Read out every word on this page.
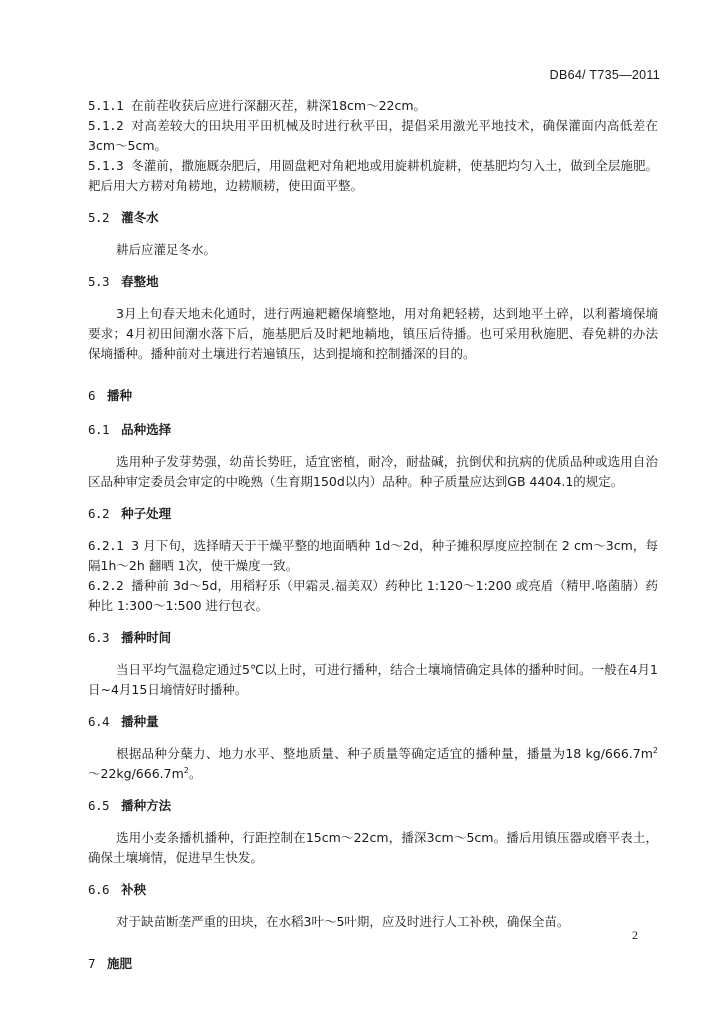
DB64/ T735—2011

5.1.1 在前茬收获后应进行深翻灭茬，耕深18cm～22cm。

5.1.2 对高差较大的田块用平田机械及时进行秋平田，提倡采用激光平地技术，确保灌面内高低差在3cm～5cm。

5.1.3 冬灌前，撒施厩杂肥后，用圆盘耙对角耙地或用旋耕机旋耕，使基肥均匀入土，做到全层施肥。耙后用大方耢对角耢地，边耢顺耢，使田面平整。

5.2 灌冬水

耕后应灌足冬水。

5.3 春整地

3月上旬春天地未化通时，进行两遍耙耱保墒整地，用对角耙轻耢，达到地平土碎，以利蓄墒保墒要求；4月初田间潮水落下后，施基肥后及时耙地耥地，镇压后待播。也可采用秋施肥、春免耕的办法保墒播种。播种前对土壤进行若遍镇压，达到提墒和控制播深的目的。

6 播种

6.1 品种选择

选用种子发芽势强，幼苗长势旺，适宜密植，耐冷，耐盐碱，抗倒伏和抗病的优质品种或选用自治区品种审定委员会审定的中晚熟（生育期150d以内）品种。种子质量应达到GB 4404.1的规定。

6.2 种子处理

6.2.1 3 月下旬，选择晴天于干燥平整的地面晒种 1d～2d，种子摊积厚度应控制在 2 cm～3cm，每隔1h～2h 翻晒 1次，使干燥度一致。

6.2.2 播种前 3d～5d，用稻籽乐（甲霜灵.福美双）药种比 1:120～1:200 或亮盾（精甲.咯菌腈）药种比 1:300～1:500 进行包衣。

6.3 播种时间

当日平均气温稳定通过5℃以上时，可进行播种，结合土壤墒情确定具体的播种时间。一般在4月1日~4月15日墒情好时播种。

6.4 播种量

根据品种分蘖力、地力水平、整地质量、种子质量等确定适宜的播种量，播量为18 $kg/666.7m^2\sim 22kg/666.7m^2$。

6.5 播种方法

选用小麦条播机播种，行距控制在15cm～22cm，播深3cm～5cm。播后用镇压器或磨平表土，确保土壤墒情，促进早生快发。

6.6 补秧

对于缺苗断垄严重的田块，在水稻3叶～5叶期，应及时进行人工补秧，确保全苗。

7 施肥

2
